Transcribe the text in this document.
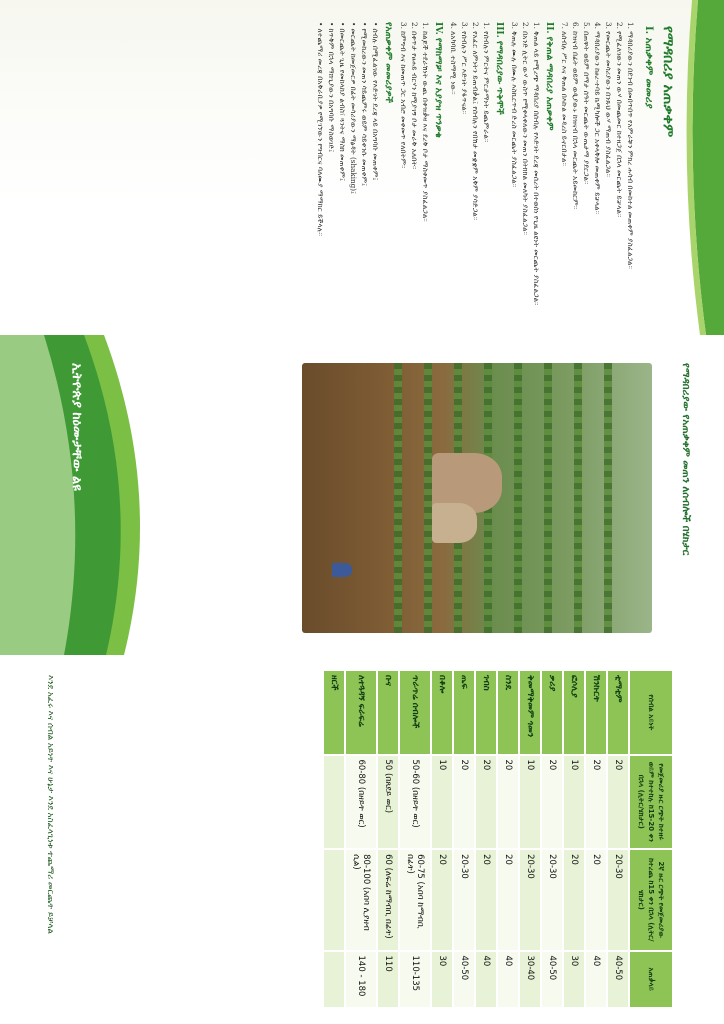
የማዳበሪያ አጠቃቀም
I. አጠቃቀም መመሪያ

1. ማዳበሪያውን በደንብ በመበጥበጥ የአምራቹን ምክረ ሐሳብ በመከተል መጠቀም ያስፈልጋል።

2. የሚፈለገውን መጠን ውሃ በመጨመር ከተዘጋጀ በኋላ መርጨት ይቻላል።

3. የመርጨት መሳሪያውን በንጹህ ውሃ ማጠብ ያስፈልጋል።

4. ማዳበሪያውን ከፀረ-ተባይ ኬሚካሎች ጋር አቀላቅሎ መጠቀም ይቻላል።

5. በጠዋት ወይም በማታ ሰዓት መርጨት ውጤታማ ያደርጋል።

6. ከዝናብ በፊት ወይም ወዲያውኑ ከዝናብ በኋላ መርጨት አይመከርም።

7. ለሰብሉ ሥር እና ቅጠል በእኩል መዳረስ ይኖርበታል።

II. የቅጠል ማዳበሪያ አጠቃቀም

1. ቅጠል ላይ የሚረጭ ማዳበሪያ በሰብሉ የእድገት ደረጃ መሰረት በተወሰነ የጊዜ ልዩነት መርጨት ያስፈልጋል።

2. በአንድ ሊትር ውሃ ውስጥ የሚቀላቀለውን መጠን በትክክል መለካት ያስፈልጋል።

3. ቅጠሉ ሙሉ በሙሉ እስኪርጥብ ድረስ መርጨት ያስፈልጋል።

III. የማዳበሪያው ጥቅሞች

1. የሰብሉን ምርትና ምርታማነት ይጨምራል።

2. የአፈር ለምነትን ይጠብቃል፤ የሰብሉን የበሽታ መቋቋም አቅም ያሳድጋል።

3. የሰብሉን ሥር እድገት ያፋጥናል።

4. ለአካባቢ ተስማሚ ነው።

IV. የማከማቻ እና አያያዝ ጥንቃቄ

1. ከልጆች ተደራሽነት ውጪ በቀዝቃዛ እና ደረቅ ቦታ ማስቀመጥ ያስፈልጋል።

2. በቀጥታ የፀሐይ ብርሃን ከሚያገኝ ቦታ መራቅ አለበት።

3. ከምግብ እና ከመጠጥ ጋር አብሮ መቀመጥ የለበትም።

የአጠቃቀም መመሪያዎች

• ሰብሉ በሚፈልገው የእድገት ደረጃ ላይ በአግባቡ መጠቀም፤

• የሚመከረውን መጠን ሳይጨምሩ ወይም ሳይቀንሱ መጠቀም፤

• መርጨት ከመጀመርዎ በፊት መሳሪያውን ማፅዳት (shaking)፤

• በመርጨት ጊዜ የመከላከያ ልብስ፣ ጓንትና ማስክ መጠቀም፤

• ከጥቅም በኋላ ማሸጊያውን በአግባቡ ማስወገድ፤

• ለተጨማሪ መረጃ በአቅራቢያዎ የሚገኘውን የግብርና ባለሙያ ማማከር ይችላሉ።

የማዳበሪያው የአጠቃቀም መጠን ለሰብሎች በሄክታር
ኢትዮጵያ ከዕሙታቸው ልዩ
የሰብል አይነት	የመጀመሪያ ዙር ርጭት ከተዘሩ ወይም ከተተከሉ ከ15-20 ቀን በኋላ (ሊትር/ሄክታር)	2ኛ ዙር ርጭት የመጀመሪያው ከተረጨ ከ15 ቀን በኋላ (ሊትር/ሄክታር)	አጠቃላይ
ቲማቲም	20	20-30	40-50
ሽንኩርት	20	20	40
ፎሶሊያ	10	20	30
ቃሪያ	20	20-30	40-50
ቅመማቅመም ጎመን	10	20-30	30-40
ስንዴ	20	20	40
ገብስ	20	20	40
ጤፍ	20	20-30	40-50
በቆሎ	10	20	30
ጥራጥሬ ሰብሎች	50-60 (በዘይት ወር)	60-75 (አበባ ከማብቢ በፊት)	110-135
ቡና	50 (በጸደይ ወር)	60 (ለፍሬ ከማብቢ በፊት)	110
ለተጓዳኝ ፍራፍሬ	60-80 (በዘይት ወር)	80-100 (አበባ ሊያዘብ ሲል)	140 - 180
ዘርች			
እንደ አፈሩ እና ሰብል አይነት እና ሁኔታ እንደ አስፈላጊነቱ ተጨማሪ መርጨት ይቻላል
